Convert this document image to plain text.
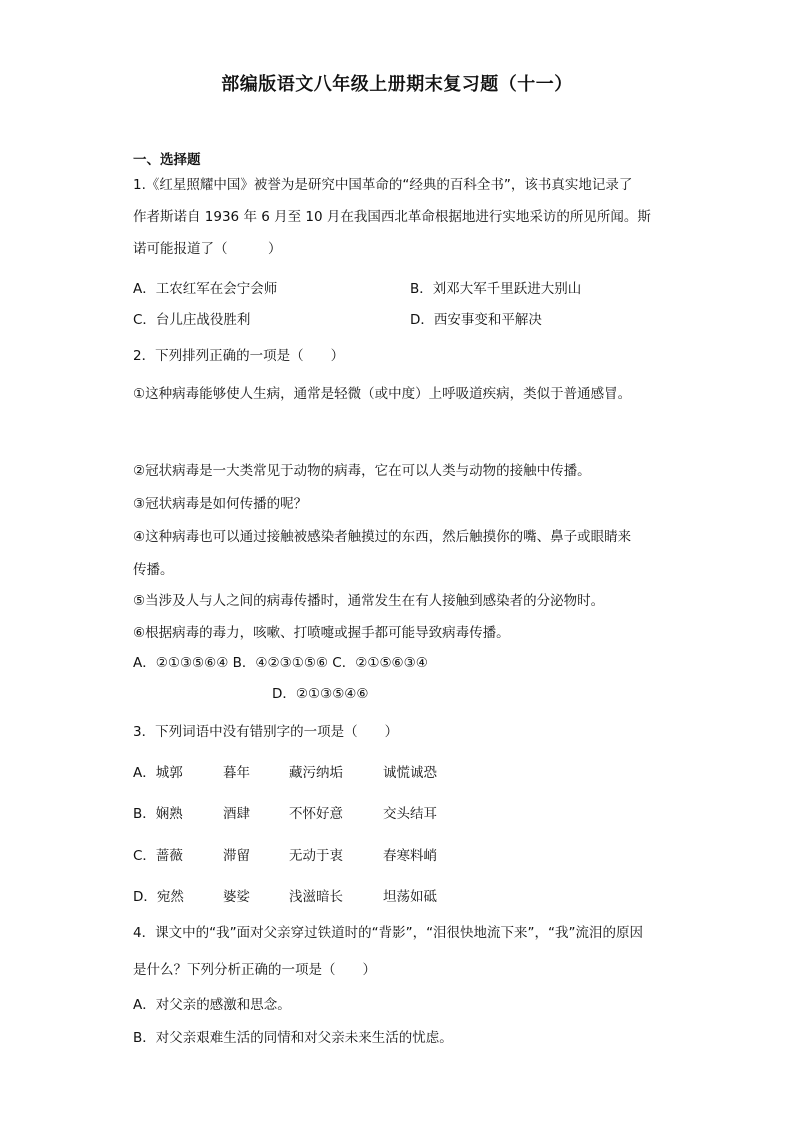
部编版语文八年级上册期末复习题（十一）
一、选择题
1.《红星照耀中国》被誉为是研究中国革命的“经典的百科全书”，该书真实地记录了
作者斯诺自 1936 年 6 月至 10 月在我国西北革命根据地进行实地采访的所见所闻。斯
诺可能报道了（　　　）
A．工农红军在会宁会师	B．刘邓大军千里跃进大别山
C．台儿庄战役胜利	D．西安事变和平解决
2．下列排列正确的一项是（　　）
①这种病毒能够使人生病，通常是轻微（或中度）上呼吸道疾病，类似于普通感冒。
②冠状病毒是一大类常见于动物的病毒，它在可以人类与动物的接触中传播。
③冠状病毒是如何传播的呢？
④这种病毒也可以通过接触被感染者触摸过的东西，然后触摸你的嘴、鼻子或眼睛来
传播。
⑤当涉及人与人之间的病毒传播时，通常发生在有人接触到感染者的分泌物时。
⑥根据病毒的毒力，咳嗽、打喷嚏或握手都可能导致病毒传播。
A．②①③⑤⑥④ B．④②③①⑤⑥ C．②①⑤⑥③④
D．②①③⑤④⑥
3．下列词语中没有错别字的一项是（　　）
A．城郭	暮年	藏污纳垢	诚慌诚恐
B．娴熟	酒肆	不怀好意	交头结耳
C．蔷薇	滞留	无动于衷	春寒料峭
D．宛然	婆娑	浅滋暗长	坦荡如砥
4．课文中的“我”面对父亲穿过铁道时的“背影”，“泪很快地流下来”，“我”流泪的原因
是什么？下列分析正确的一项是（　　）
A．对父亲的感激和思念。
B．对父亲艰难生活的同情和对父亲未来生活的忧虑。
